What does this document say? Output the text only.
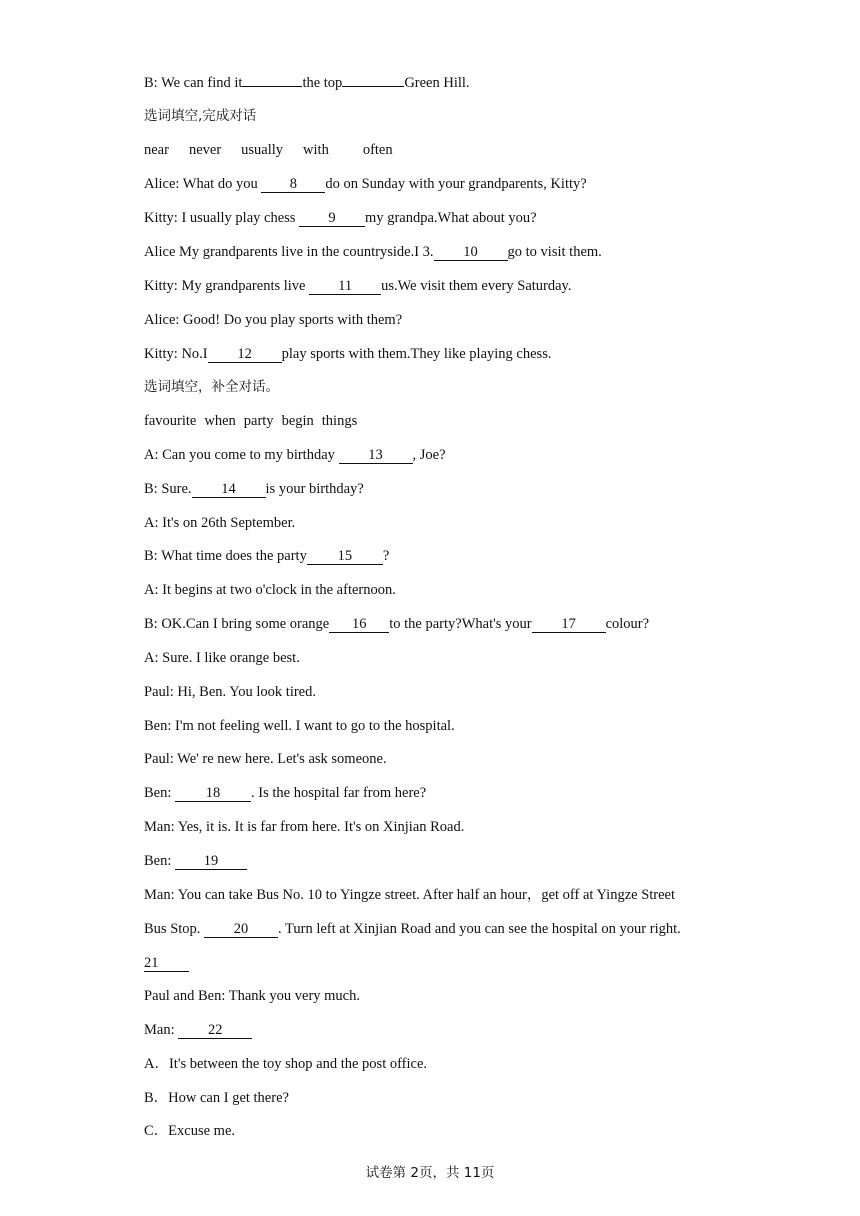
B: We can find it	the top	Green Hill.
选词填空,完成对话
near never usually with often
Alice: What do you 8 do on Sunday with your grandparents, Kitty?
Kitty: I usually play chess 9 my grandpa.What about you?
Alice My grandparents live in the countryside.I 3. 10 go to visit them.
Kitty: My grandparents live 11 us.We visit them every Saturday.
Alice: Good! Do you play sports with them?
Kitty: No.I 12 play sports with them.They like playing chess.
选词填空，补全对话。
favourite when party begin things
A: Can you come to my birthday 13 , Joe?
B: Sure. 14 is your birthday?
A: It's on 26th September.
B: What time does the party 15 ?
A: It begins at two o'clock in the afternoon.
B: OK.Can I bring some orange 16 to the party?What's your 17 colour?
A: Sure. I like orange best.
Paul: Hi, Ben. You look tired.
Ben: I'm not feeling well. I want to go to the hospital.
Paul: We' re new here. Let's ask someone.
Ben: 18 . Is the hospital far from here?
Man: Yes, it is. It is far from here. It's on Xinjian Road.
Ben: 19
Man: You can take Bus No. 10 to Yingze street. After half an hour，get off at Yingze Street
Bus Stop. 20 . Turn left at Xinjian Road and you can see the hospital on your right.
21
Paul and Ben: Thank you very much.
Man: 22
A．It's between the toy shop and the post office.
B．How can I get there?
C．Excuse me.
试卷第 2页，共 11页
